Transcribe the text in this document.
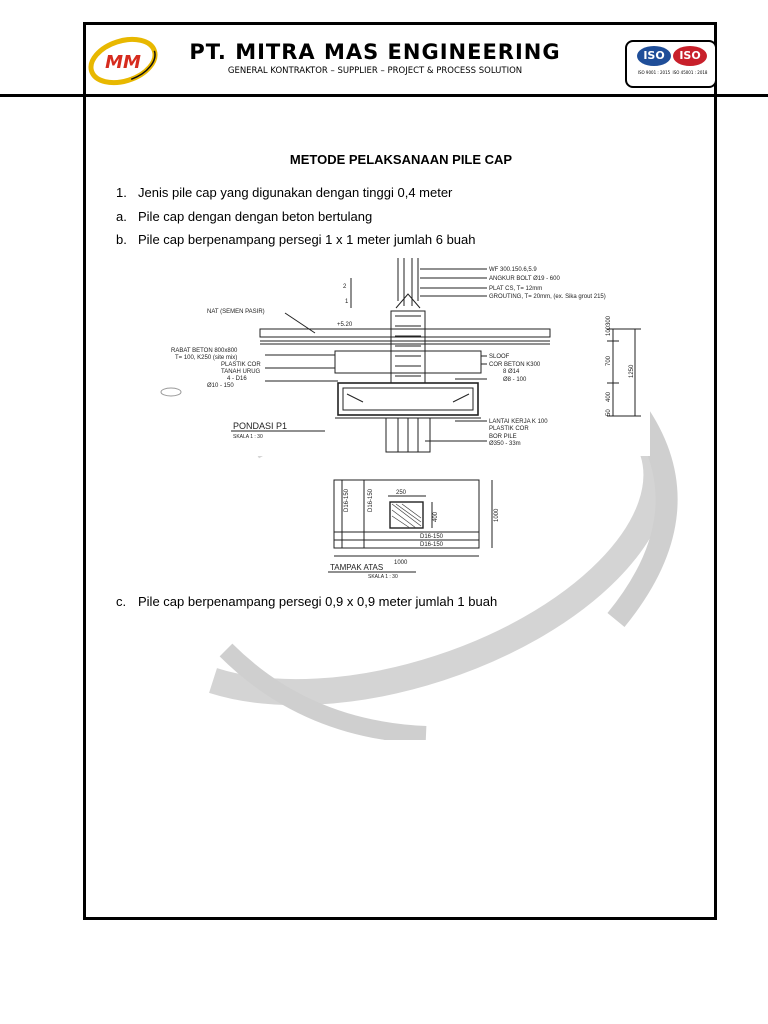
MM	PT. MITRA MAS ENGINEERING
GENERAL KONTRAKTOR – SUPPLIER – PROJECT & PROCESS SOLUTION
ISO	ISO
ISO 9001 : 2015 ISO 45001 : 2018
METODE PELAKSANAAN PILE CAP
1. Jenis pile cap yang digunakan dengan tinggi 0,4 meter
a. Pile cap dengan dengan beton bertulang
b. Pile cap berpenampang persegi 1 x 1 meter jumlah 6 buah
c. Pile cap berpenampang persegi 0,9 x 0,9 meter jumlah 1 buah
WF 300.150.6,5.9
ANGKUR BOLT Ø19 - 600
PLAT CS, T= 12mm
GROUTING, T= 20mm, (ex. Sika grout 215)
SLOOF
COR BETON K300
8 Ø14
Ø8 - 100
LANTAI KERJA K 100
PLASTIK COR
BOR PILE
Ø350 - 33m
NAT (SEMEN PASIR)
RABAT BETON 800x800
T= 100, K250 (site mix)
PLASTIK COR
TANAH URUG
4 - D16
Ø10 - 150
+5.20
2
1
100
300
700
400
50
1250
PONDASI P1
SKALA 1 : 30
250
400	1000
1000
D16-150
D16-150
D16-150	D16-150
TAMPAK ATAS
SKALA 1 : 30
